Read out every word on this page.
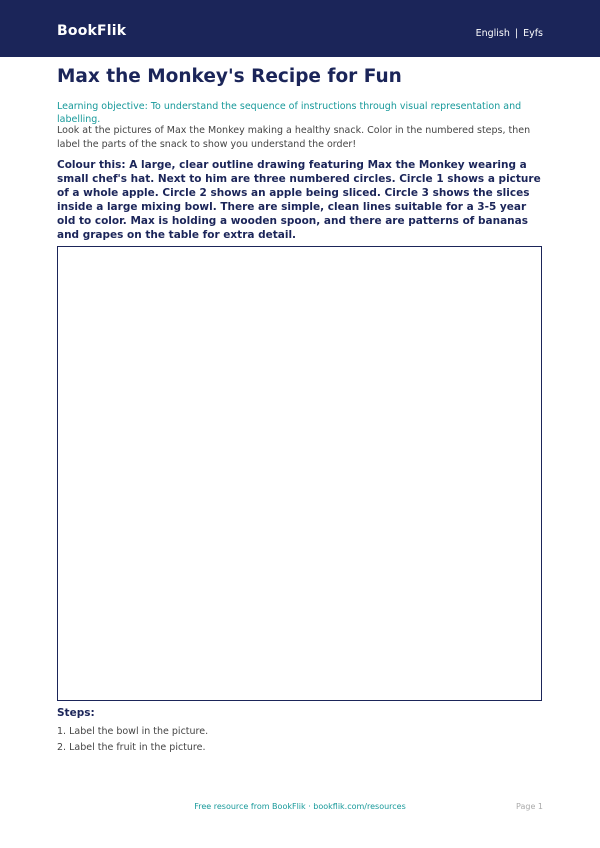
BookFlik	English | Eyfs
Max the Monkey's Recipe for Fun
Learning objective: To understand the sequence of instructions through visual representation and labelling.
Look at the pictures of Max the Monkey making a healthy snack. Color in the numbered steps, then label the parts of the snack to show you understand the order!
Colour this: A large, clear outline drawing featuring Max the Monkey wearing a small chef's hat. Next to him are three numbered circles. Circle 1 shows a picture of a whole apple. Circle 2 shows an apple being sliced. Circle 3 shows the slices inside a large mixing bowl. There are simple, clean lines suitable for a 3-5 year old to color. Max is holding a wooden spoon, and there are patterns of bananas and grapes on the table for extra detail.
Steps:
1. Label the bowl in the picture.
2. Label the fruit in the picture.
Free resource from BookFlik · bookflik.com/resources	Page 1
